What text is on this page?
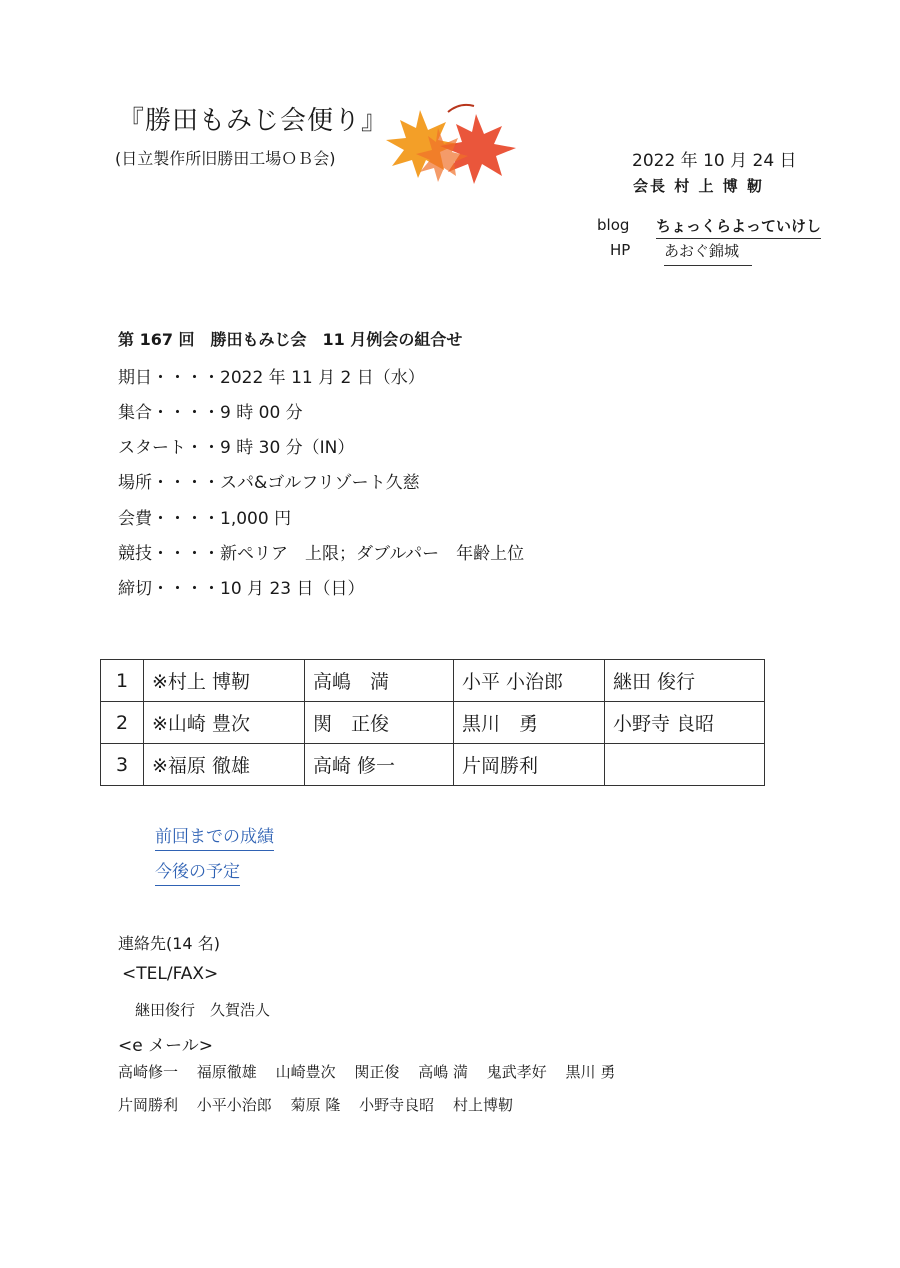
『勝田もみじ会便り』
(日立製作所旧勝田工場ＯＢ会)	2022 年 10 月 24 日
会長 村 上 博 靭
blog ちょっくらよっていけし
HP あおぐ錦城
第 167 回　勝田もみじ会　11 月例会の組合せ
期日・・・・2022 年 11 月 2 日（水）
集合・・・・9 時 00 分
スタート・・9 時 30 分（IN）
場所・・・・スパ&ゴルフリゾート久慈
会費・・・・1,000 円
競技・・・・新ペリア　上限；ダブルパー　年齢上位
締切・・・・10 月 23 日（日）
1	※村上 博靭	高嶋　満	小平 小治郎	継田 俊行
2	※山崎 豊次	関　正俊	黒川　勇	小野寺 良昭
3	※福原 徹雄	高崎 修一	片岡勝利	
前回までの成績
今後の予定
連絡先(14 名)
<TEL/FAX>
継田俊行　久賀浩人
<e メール>
高崎修一 福原徹雄 山崎豊次 関正俊 高嶋 満 鬼武孝好 黒川 勇
片岡勝利 小平小治郎 菊原 隆 小野寺良昭 村上博靭
